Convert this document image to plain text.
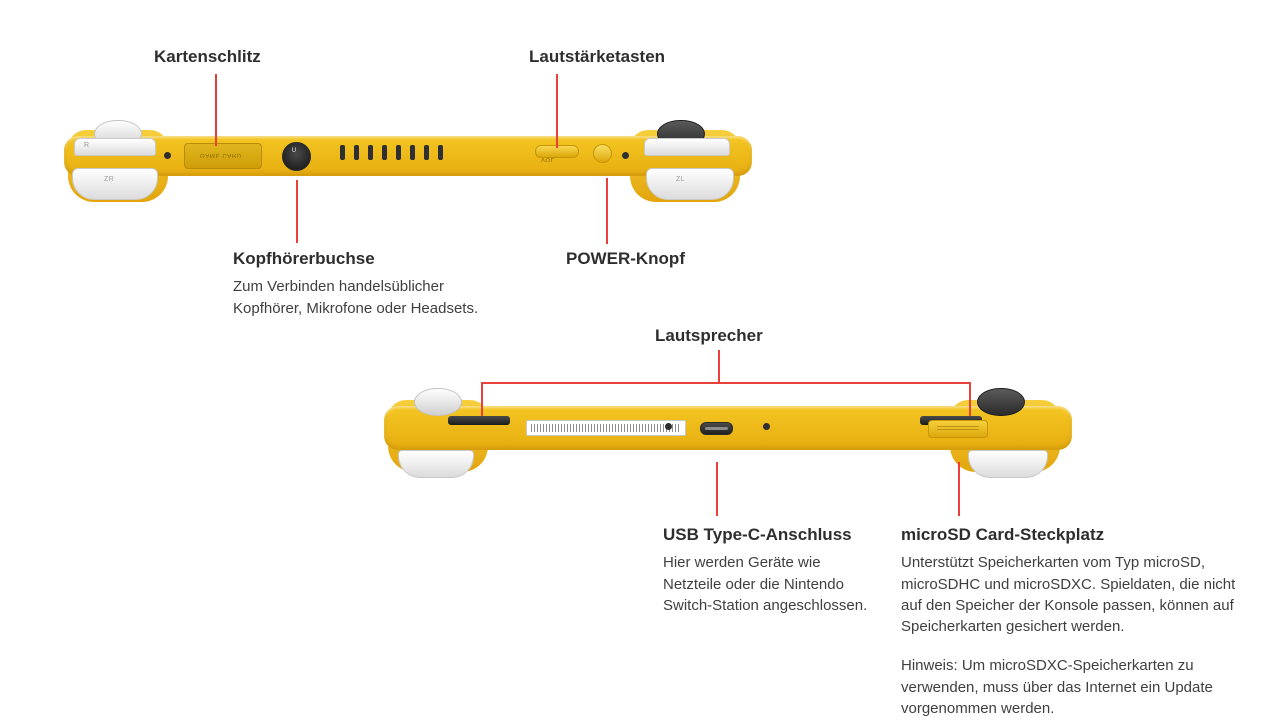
R
ZR	ZL
GAME CARD
∪
VOL
Kartenschlitz	Lautstärketasten
Kopfhörerbuchse
Zum Verbinden handelsüblicher Kopfhörer, Mikrofone oder Headsets.
POWER-Knopf
Lautsprecher
USB Type-C-Anschluss
Hier werden Geräte wie Netzteile oder die Nintendo Switch-Station angeschlossen.
microSD Card-Steckplatz
Unterstützt Speicherkarten vom Typ microSD, microSDHC und microSDXC. Spieldaten, die nicht auf den Speicher der Konsole passen, können auf Speicherkarten gesichert werden.
Hinweis: Um microSDXC-Speicherkarten zu verwenden, muss über das Internet ein Update vorgenommen werden.
